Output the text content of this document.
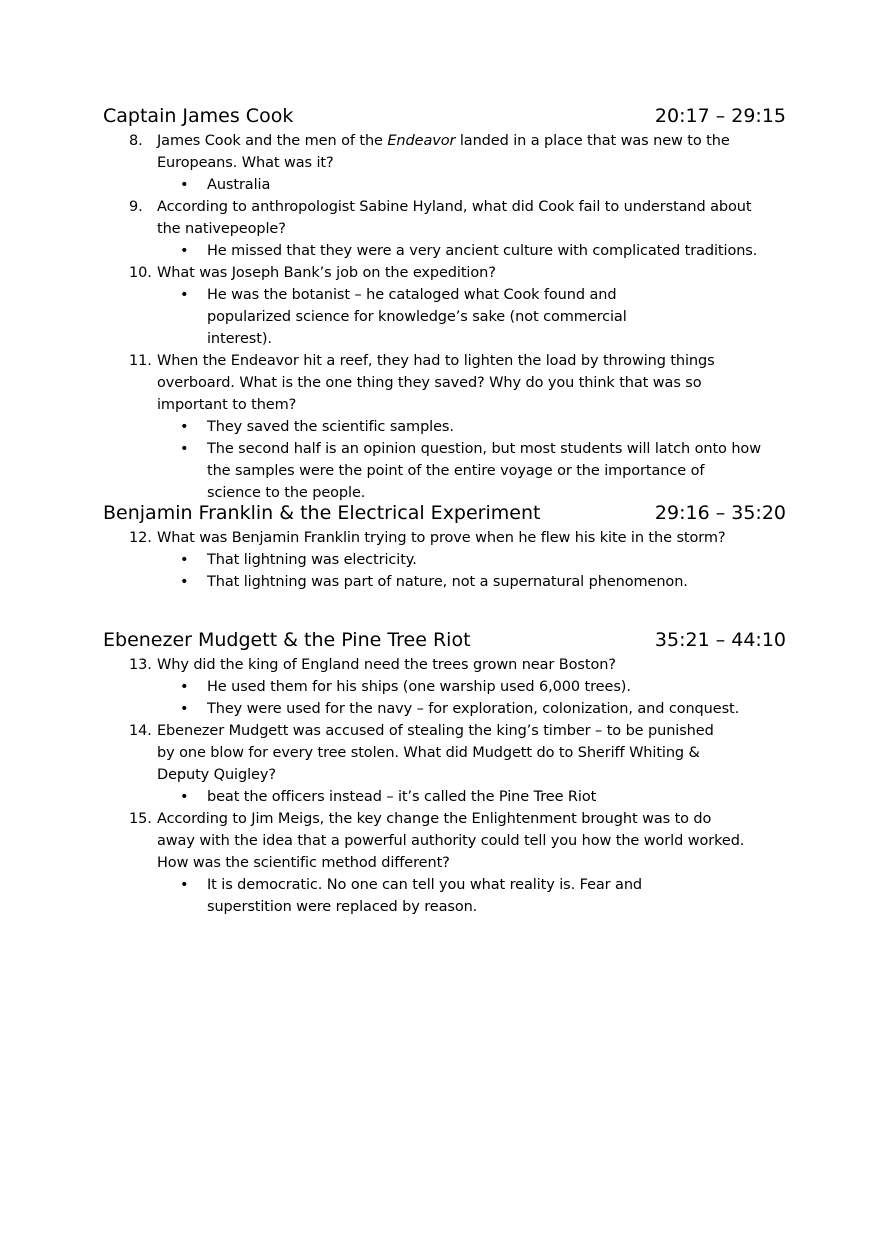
Captain James Cook	20:17 – 29:15
8. James Cook and the men of the Endeavor landed in a place that was new to the Europeans. What was it?
• Australia
9. According to anthropologist Sabine Hyland, what did Cook fail to understand about the nativepeople?
• He missed that they were a very ancient culture with complicated traditions.
10. What was Joseph Bank’s job on the expedition?
• He was the botanist – he cataloged what Cook found and popularized science for knowledge’s sake (not commercial interest).
11. When the Endeavor hit a reef, they had to lighten the load by throwing things overboard. What is the one thing they saved? Why do you think that was so important to them?
• They saved the scientific samples.
• The second half is an opinion question, but most students will latch onto how the samples were the point of the entire voyage or the importance of science to the people.
Benjamin Franklin & the Electrical Experiment	29:16 – 35:20
12. What was Benjamin Franklin trying to prove when he flew his kite in the storm?
• That lightning was electricity.
• That lightning was part of nature, not a supernatural phenomenon.
Ebenezer Mudgett & the Pine Tree Riot	35:21 – 44:10
13. Why did the king of England need the trees grown near Boston?
• He used them for his ships (one warship used 6,000 trees).
• They were used for the navy – for exploration, colonization, and conquest.
14. Ebenezer Mudgett was accused of stealing the king’s timber – to be punished by one blow for every tree stolen. What did Mudgett do to Sheriff Whiting & Deputy Quigley?
• beat the officers instead – it’s called the Pine Tree Riot
15. According to Jim Meigs, the key change the Enlightenment brought was to do away with the idea that a powerful authority could tell you how the world worked. How was the scientific method different?
• It is democratic. No one can tell you what reality is. Fear and superstition were replaced by reason.
